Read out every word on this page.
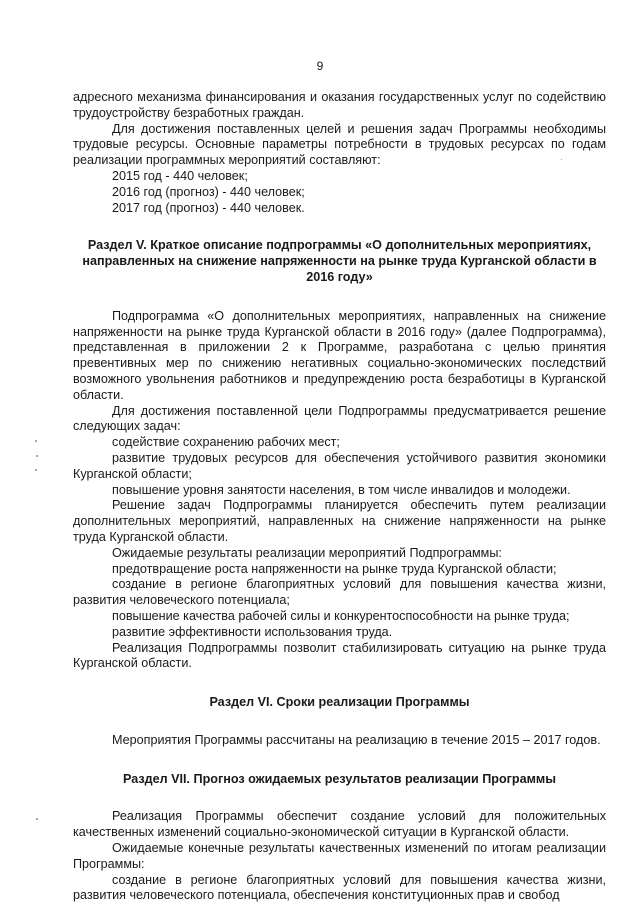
9

адресного механизма финансирования и оказания государственных услуг по содействию трудоустройству безработных граждан.

Для достижения поставленных целей и решения задач Программы необходимы трудовые ресурсы. Основные параметры потребности в трудовых ресурсах по годам реализации программных мероприятий составляют:

2015 год - 440 человек;

2016 год (прогноз) - 440 человек;

2017 год (прогноз) - 440 человек.

Раздел V. Краткое описание подпрограммы «О дополнительных мероприятиях, направленных на снижение напряженности на рынке труда Курганской области в 2016 году»

Подпрограмма «О дополнительных мероприятиях, направленных на снижение напряженности на рынке труда Курганской области в 2016 году» (далее Подпрограмма), представленная в приложении 2 к Программе, разработана с целью принятия превентивных мер по снижению негативных социально-экономических последствий возможного увольнения работников и предупреждению роста безработицы в Курганской области.

Для достижения поставленной цели Подпрограммы предусматривается решение следующих задач:

содействие сохранению рабочих мест;

развитие трудовых ресурсов для обеспечения устойчивого развития экономики Курганской области;

повышение уровня занятости населения, в том числе инвалидов и молодежи.

Решение задач Подпрограммы планируется обеспечить путем реализации дополнительных мероприятий, направленных на снижение напряженности на рынке труда Курганской области.

Ожидаемые результаты реализации мероприятий Подпрограммы:

предотвращение роста напряженности на рынке труда Курганской области;

создание в регионе благоприятных условий для повышения качества жизни, развития человеческого потенциала;

повышение качества рабочей силы и конкурентоспособности на рынке труда;

развитие эффективности использования труда.

Реализация Подпрограммы позволит стабилизировать ситуацию на рынке труда Курганской области.

Раздел VI. Сроки реализации Программы

Мероприятия Программы рассчитаны на реализацию в течение 2015 – 2017 годов.

Раздел VII. Прогноз ожидаемых результатов реализации Программы

Реализация Программы обеспечит создание условий для положительных качественных изменений социально-экономической ситуации в Курганской области.

Ожидаемые конечные результаты качественных изменений по итогам реализации Программы:

создание в регионе благоприятных условий для повышения качества жизни, развития человеческого потенциала, обеспечения конституционных прав и свобод
